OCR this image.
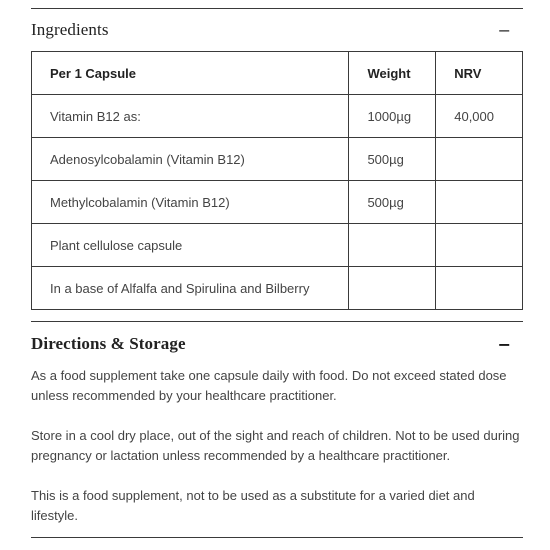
Ingredients	−
Per 1 Capsule	Weight	NRV
Vitamin B12 as:	1000µg	40,000
Adenosylcobalamin (Vitamin B12)	500µg	
Methylcobalamin (Vitamin B12)	500µg	
Plant cellulose capsule		
In a base of Alfalfa and Spirulina and Bilberry		
Directions & Storage	−

As a food supplement take one capsule daily with food. Do not exceed stated dose unless recommended by your healthcare practitioner.

Store in a cool dry place, out of the sight and reach of children. Not to be used during pregnancy or lactation unless recommended by a healthcare practitioner.

This is a food supplement, not to be used as a substitute for a varied diet and lifestyle.
